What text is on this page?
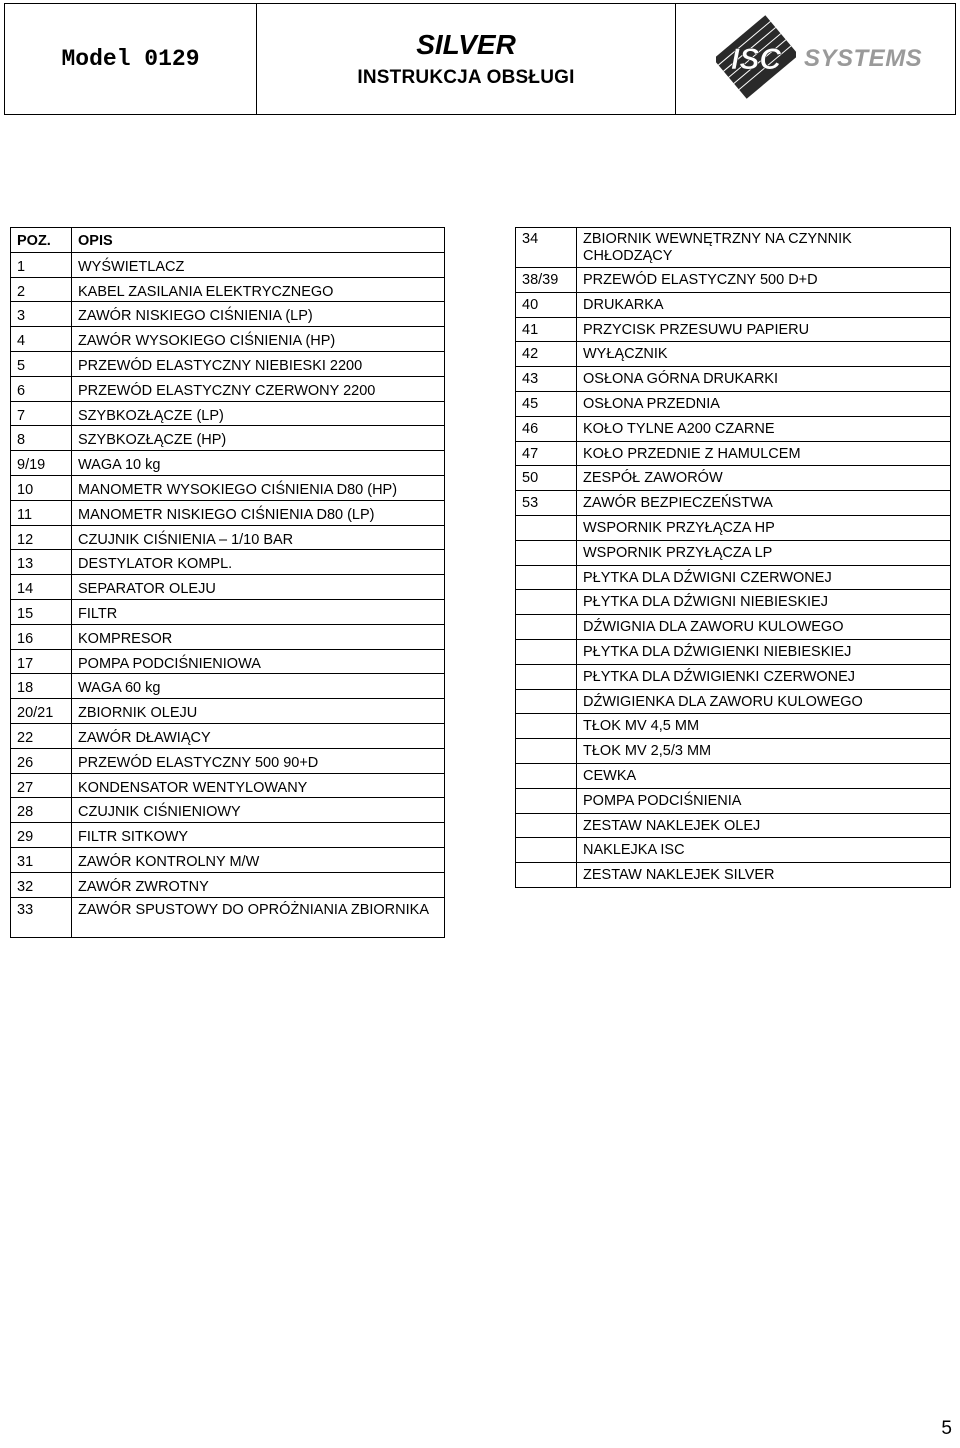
Model 0129	SILVER
INSTRUKCJA OBSŁUGI
ISC SYSTEMS
POZ.	OPIS
1	WYŚWIETLACZ
2	KABEL ZASILANIA ELEKTRYCZNEGO
3	ZAWÓR NISKIEGO CIŚNIENIA (LP)
4	ZAWÓR WYSOKIEGO CIŚNIENIA (HP)
5	PRZEWÓD ELASTYCZNY NIEBIESKI 2200
6	PRZEWÓD ELASTYCZNY CZERWONY 2200
7	SZYBKOZŁĄCZE (LP)
8	SZYBKOZŁĄCZE (HP)
9/19	WAGA 10 kg
10	MANOMETR WYSOKIEGO CIŚNIENIA D80 (HP)
11	MANOMETR NISKIEGO CIŚNIENIA D80 (LP)
12	CZUJNIK CIŚNIENIA – 1/10 BAR
13	DESTYLATOR KOMPL.
14	SEPARATOR OLEJU
15	FILTR
16	KOMPRESOR
17	POMPA PODCIŚNIENIOWA
18	WAGA 60 kg
20/21	ZBIORNIK OLEJU
22	ZAWÓR DŁAWIĄCY
26	PRZEWÓD ELASTYCZNY 500 90+D
27	KONDENSATOR WENTYLOWANY
28	CZUJNIK CIŚNIENIOWY
29	FILTR SITKOWY
31	ZAWÓR KONTROLNY M/W
32	ZAWÓR ZWROTNY
33	ZAWÓR SPUSTOWY DO OPRÓŻNIANIA ZBIORNIKA
34	ZBIORNIK WEWNĘTRZNY NA CZYNNIK CHŁODZĄCY
38/39	PRZEWÓD ELASTYCZNY 500 D+D
40	DRUKARKA
41	PRZYCISK PRZESUWU PAPIERU
42	WYŁĄCZNIK
43	OSŁONA GÓRNA DRUKARKI
45	OSŁONA PRZEDNIA
46	KOŁO TYLNE A200 CZARNE
47	KOŁO PRZEDNIE Z HAMULCEM
50	ZESPÓŁ ZAWORÓW
53	ZAWÓR BEZPIECZEŃSTWA
	WSPORNIK PRZYŁĄCZA HP
	WSPORNIK PRZYŁĄCZA LP
	PŁYTKA DLA DŹWIGNI CZERWONEJ
	PŁYTKA DLA DŹWIGNI NIEBIESKIEJ
	DŹWIGNIA DLA ZAWORU KULOWEGO
	PŁYTKA DLA DŹWIGIENKI NIEBIESKIEJ
	PŁYTKA DLA DŹWIGIENKI CZERWONEJ
	DŹWIGIENKA DLA ZAWORU KULOWEGO
	TŁOK MV 4,5 MM
	TŁOK MV 2,5/3 MM
	CEWKA
	POMPA PODCIŚNIENIA
	ZESTAW NAKLEJEK OLEJ
	NAKLEJKA ISC
	ZESTAW NAKLEJEK SILVER
5
